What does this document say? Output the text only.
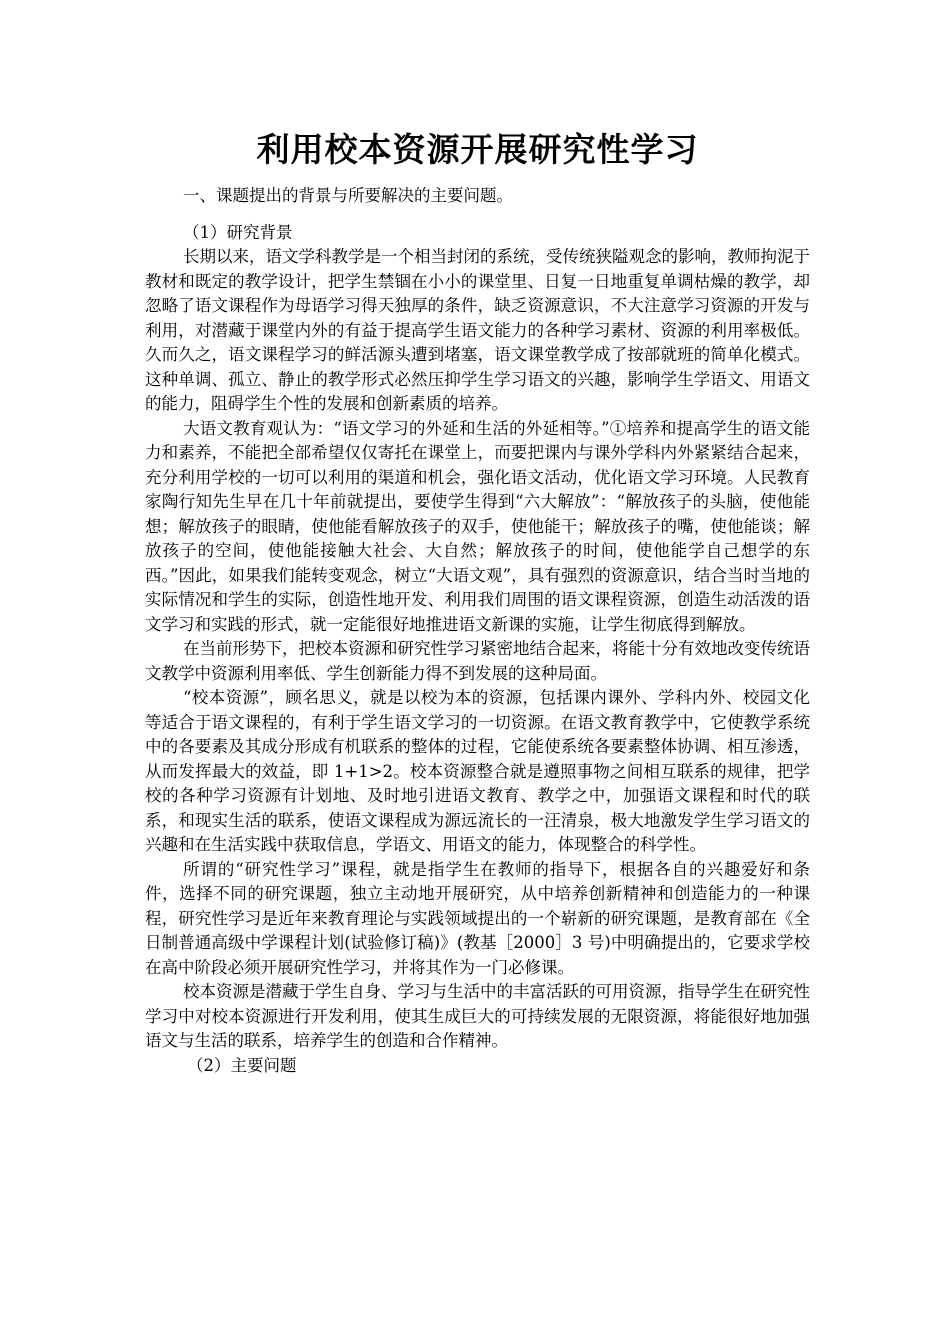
利用校本资源开展研究性学习

一、课题提出的背景与所要解决的主要问题。

（1）研究背景

长期以来，语文学科教学是一个相当封闭的系统，受传统狭隘观念的影响，教师拘泥于教材和既定的教学设计，把学生禁锢在小小的课堂里、日复一日地重复单调枯燥的教学，却忽略了语文课程作为母语学习得天独厚的条件，缺乏资源意识，不大注意学习资源的开发与利用，对潜藏于课堂内外的有益于提高学生语文能力的各种学习素材、资源的利用率极低。久而久之，语文课程学习的鲜活源头遭到堵塞，语文课堂教学成了按部就班的简单化模式。这种单调、孤立、静止的教学形式必然压抑学生学习语文的兴趣，影响学生学语文、用语文的能力，阻碍学生个性的发展和创新素质的培养。

大语文教育观认为：“语文学习的外延和生活的外延相等。”①培养和提高学生的语文能力和素养，不能把全部希望仅仅寄托在课堂上，而要把课内与课外学科内外紧紧结合起来，充分利用学校的一切可以利用的渠道和机会，强化语文活动，优化语文学习环境。人民教育家陶行知先生早在几十年前就提出，要使学生得到“六大解放”：“解放孩子的头脑，使他能想；解放孩子的眼睛，使他能看解放孩子的双手，使他能干；解放孩子的嘴，使他能谈；解放孩子的空间，使他能接触大社会、大自然；解放孩子的时间，使他能学自己想学的东西。”因此，如果我们能转变观念，树立“大语文观”，具有强烈的资源意识，结合当时当地的实际情况和学生的实际，创造性地开发、利用我们周围的语文课程资源，创造生动活泼的语文学习和实践的形式，就一定能很好地推进语文新课的实施，让学生彻底得到解放。

在当前形势下，把校本资源和研究性学习紧密地结合起来，将能十分有效地改变传统语文教学中资源利用率低、学生创新能力得不到发展的这种局面。

“校本资源”，顾名思义，就是以校为本的资源，包括课内课外、学科内外、校园文化等适合于语文课程的，有利于学生语文学习的一切资源。在语文教育教学中，它使教学系统中的各要素及其成分形成有机联系的整体的过程，它能使系统各要素整体协调、相互渗透，从而发挥最大的效益，即 1+1>2。校本资源整合就是遵照事物之间相互联系的规律，把学校的各种学习资源有计划地、及时地引进语文教育、教学之中，加强语文课程和时代的联系，和现实生活的联系，使语文课程成为源远流长的一汪清泉，极大地激发学生学习语文的兴趣和在生活实践中获取信息，学语文、用语文的能力，体现整合的科学性。

所谓的“研究性学习”课程，就是指学生在教师的指导下，根据各自的兴趣爱好和条件，选择不同的研究课题，独立主动地开展研究，从中培养创新精神和创造能力的一种课程，研究性学习是近年来教育理论与实践领域提出的一个崭新的研究课题，是教育部在《全日制普通高级中学课程计划(试验修订稿)》(教基［2000］3 号)中明确提出的，它要求学校在高中阶段必须开展研究性学习，并将其作为一门必修课。

校本资源是潜藏于学生自身、学习与生活中的丰富活跃的可用资源，指导学生在研究性学习中对校本资源进行开发利用，使其生成巨大的可持续发展的无限资源，将能很好地加强语文与生活的联系，培养学生的创造和合作精神。

（2）主要问题
